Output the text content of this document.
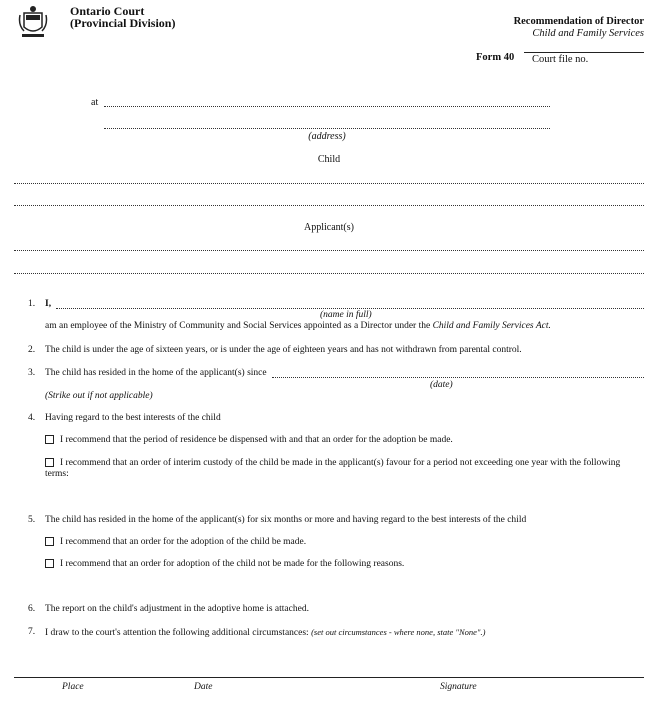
Ontario Court
(Provincial Division)	Recommendation of Director
Child and Family Services
Form 40	Court file no.
at
(address)
Child
Applicant(s)
1. I,
(name in full)
am an employee of the Ministry of Community and Social Services appointed as a Director under the Child and Family Services Act.
2. The child is under the age of sixteen years, or is under the age of eighteen years and has not withdrawn from parental control.
3. The child has resided in the home of the applicant(s) since
(date)
(Strike out if not applicable)
4. Having regard to the best interests of the child
I recommend that the period of residence be dispensed with and that an order for the adoption be made.
I recommend that an order of interim custody of the child be made in the applicant(s) favour for a period not exceeding one year with the following terms:
5. The child has resided in the home of the applicant(s) for six months or more and having regard to the best interests of the child
I recommend that an order for the adoption of the child be made.
I recommend that an order for adoption of the child not be made for the following reasons.
6. The report on the child's adjustment in the adoptive home is attached.
7. I draw to the court's attention the following additional circumstances: (set out circumstances - where none, state "None".)
Place	Date	Signature
